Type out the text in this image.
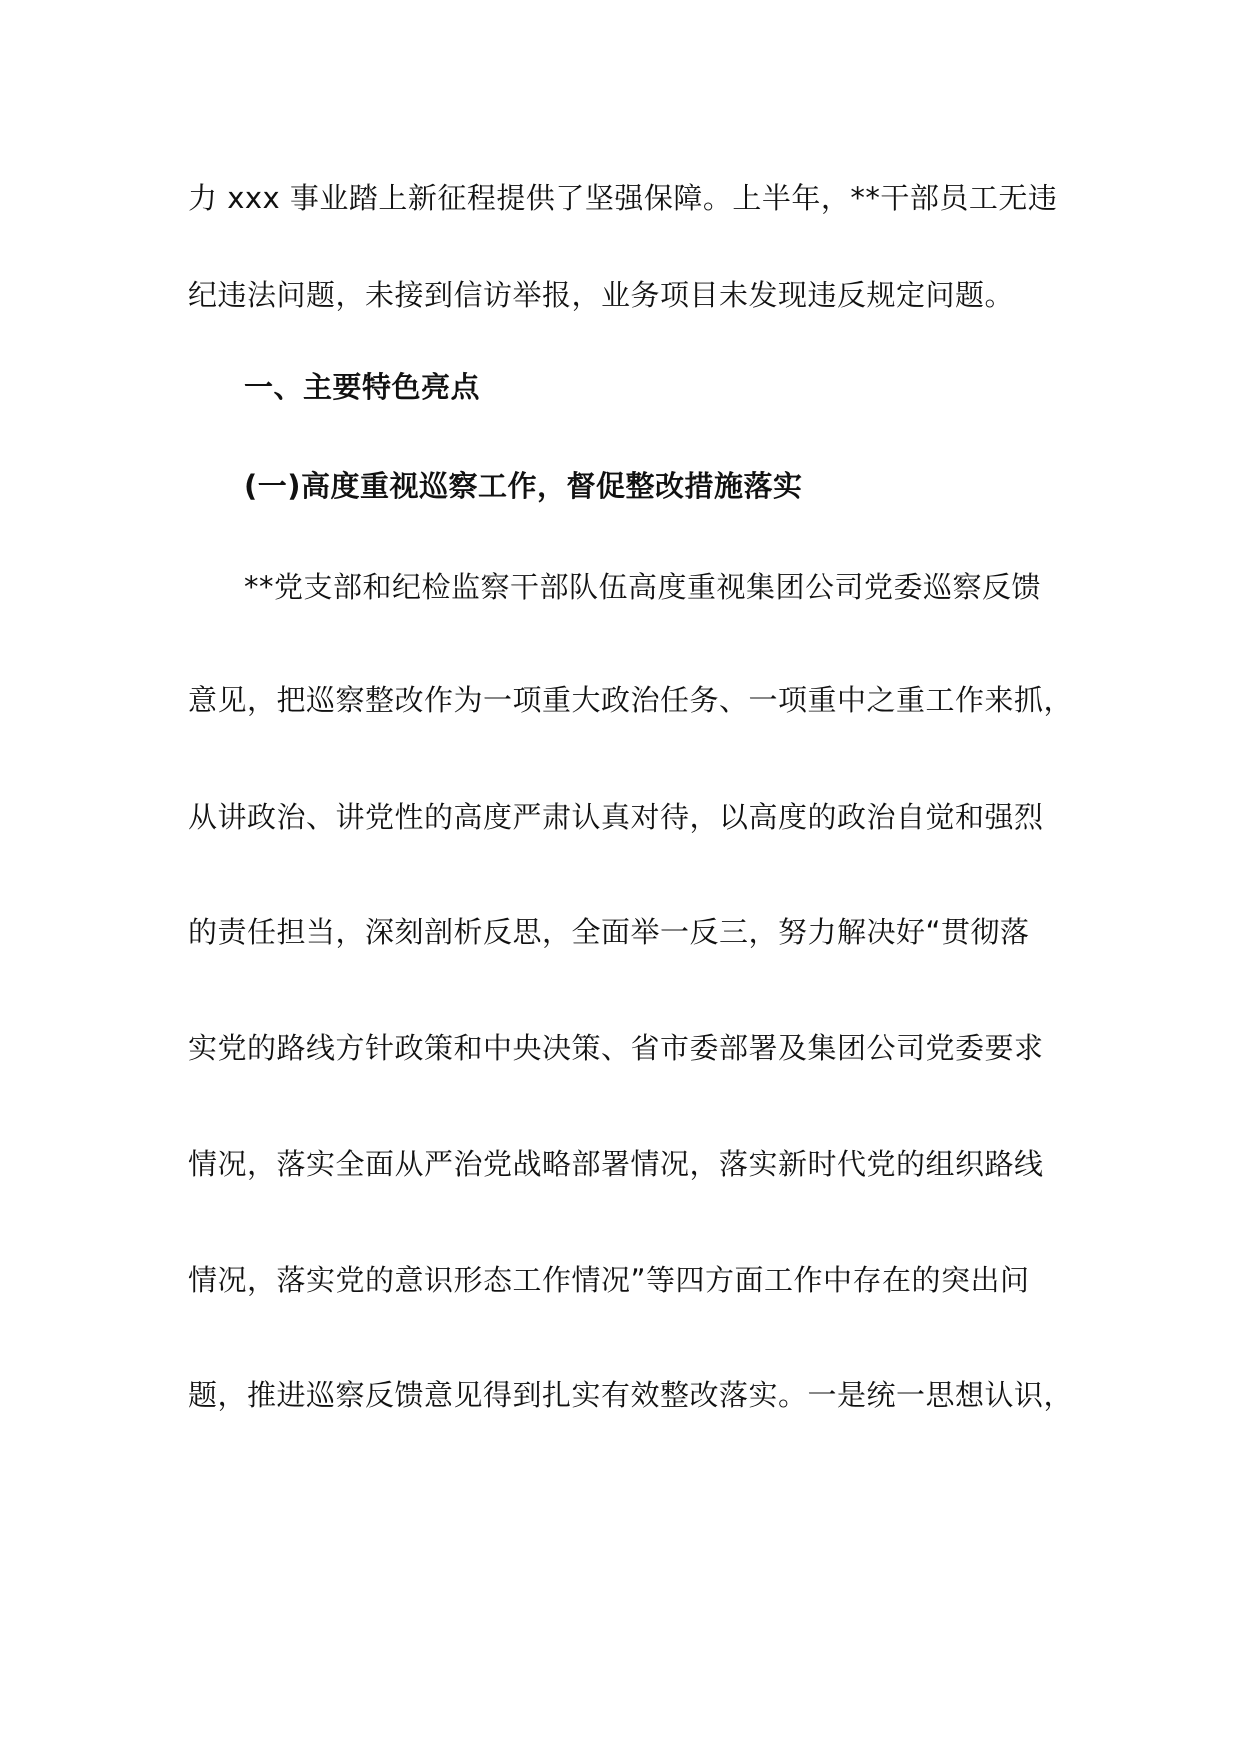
力 xxx 事业踏上新征程提供了坚强保障。上半年，**干部员工无违
纪违法问题，未接到信访举报，业务项目未发现违反规定问题。
一、主要特色亮点
(一)高度重视巡察工作，督促整改措施落实
**党支部和纪检监察干部队伍高度重视集团公司党委巡察反馈
意见，把巡察整改作为一项重大政治任务、一项重中之重工作来抓，
从讲政治、讲党性的高度严肃认真对待，以高度的政治自觉和强烈
的责任担当，深刻剖析反思，全面举一反三，努力解决好“贯彻落
实党的路线方针政策和中央决策、省市委部署及集团公司党委要求
情况，落实全面从严治党战略部署情况，落实新时代党的组织路线
情况，落实党的意识形态工作情况”等四方面工作中存在的突出问
题，推进巡察反馈意见得到扎实有效整改落实。一是统一思想认识，
